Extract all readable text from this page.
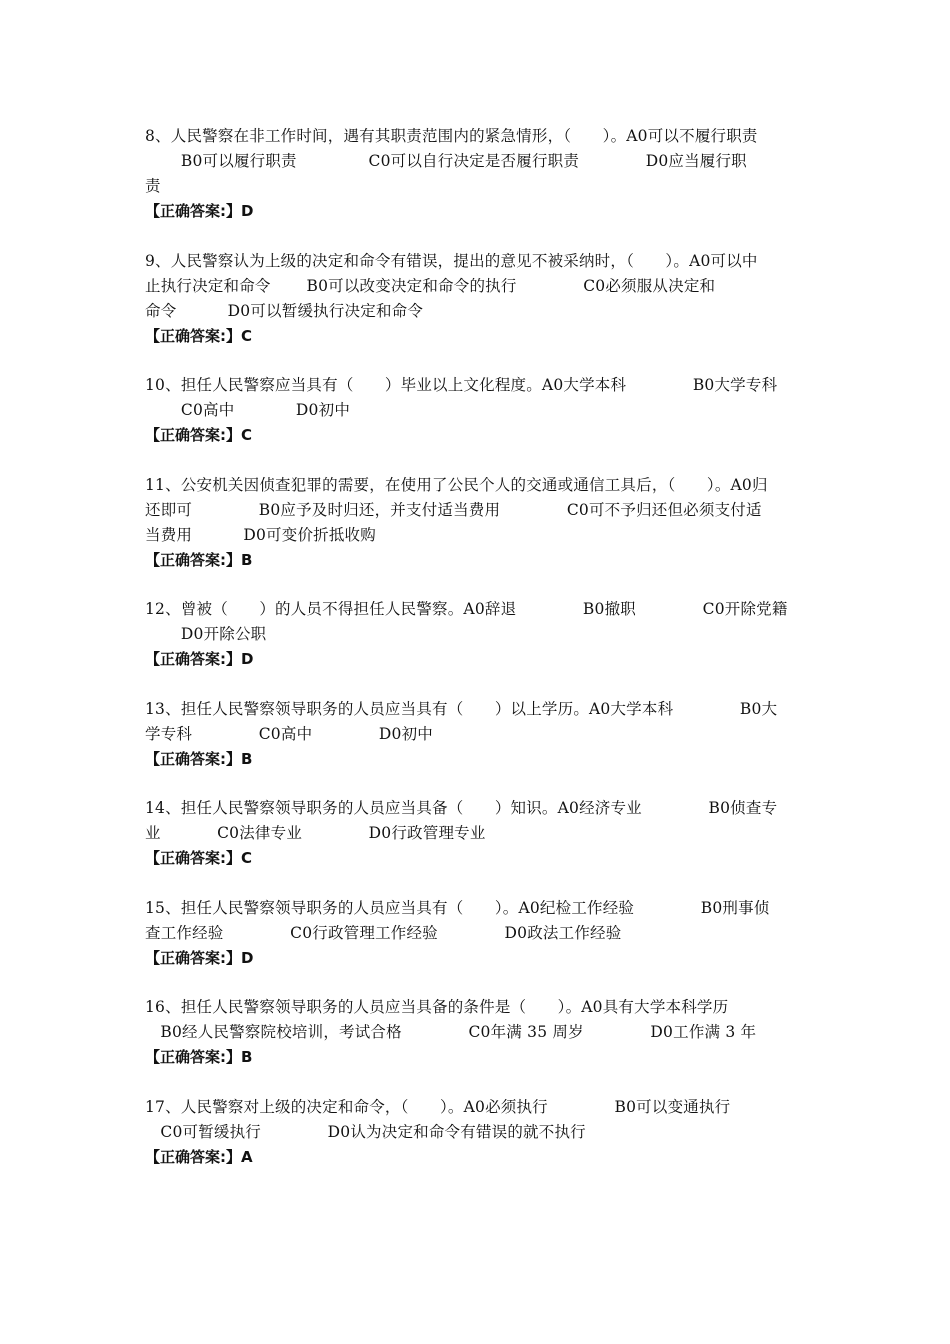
8、人民警察在非工作时间，遇有其职责范围内的紧急情形，（　　）。A0可以不履行职责
B0可以履行职责              C0可以自行决定是否履行职责             D0应当履行职
责
【正确答案:】D
9、人民警察认为上级的决定和命令有错误，提出的意见不被采纳时，（　　）。A0可以中
止执行决定和命令       B0可以改变决定和命令的执行             C0必须服从决定和
命令          D0可以暂缓执行决定和命令
【正确答案:】C
10、担任人民警察应当具有（　　）毕业以上文化程度。A0大学本科             B0大学专科
C0高中            D0初中
【正确答案:】C
11、公安机关因侦查犯罪的需要，在使用了公民个人的交通或通信工具后，（　　）。A0归
还即可             B0应予及时归还，并支付适当费用             C0可不予归还但必须支付适
当费用          D0可变价折抵收购
【正确答案:】B
12、曾被（　　）的人员不得担任人民警察。A0辞退             B0撤职             C0开除党籍
D0开除公职
【正确答案:】D
13、担任人民警察领导职务的人员应当具有（　　）以上学历。A0大学本科             B0大
学专科             C0高中             D0初中
【正确答案:】B
14、担任人民警察领导职务的人员应当具备（　　）知识。A0经济专业             B0侦查专
业           C0法律专业             D0行政管理专业
【正确答案:】C
15、担任人民警察领导职务的人员应当具有（　　）。A0纪检工作经验             B0刑事侦
查工作经验             C0行政管理工作经验             D0政法工作经验
【正确答案:】D
16、担任人民警察领导职务的人员应当具备的条件是（　　）。A0具有大学本科学历
B0经人民警察院校培训，考试合格             C0年满 35 周岁             D0工作满 3 年
【正确答案:】B
17、人民警察对上级的决定和命令，（　　）。A0必须执行             B0可以变通执行
C0可暂缓执行             D0认为决定和命令有错误的就不执行
【正确答案:】A
